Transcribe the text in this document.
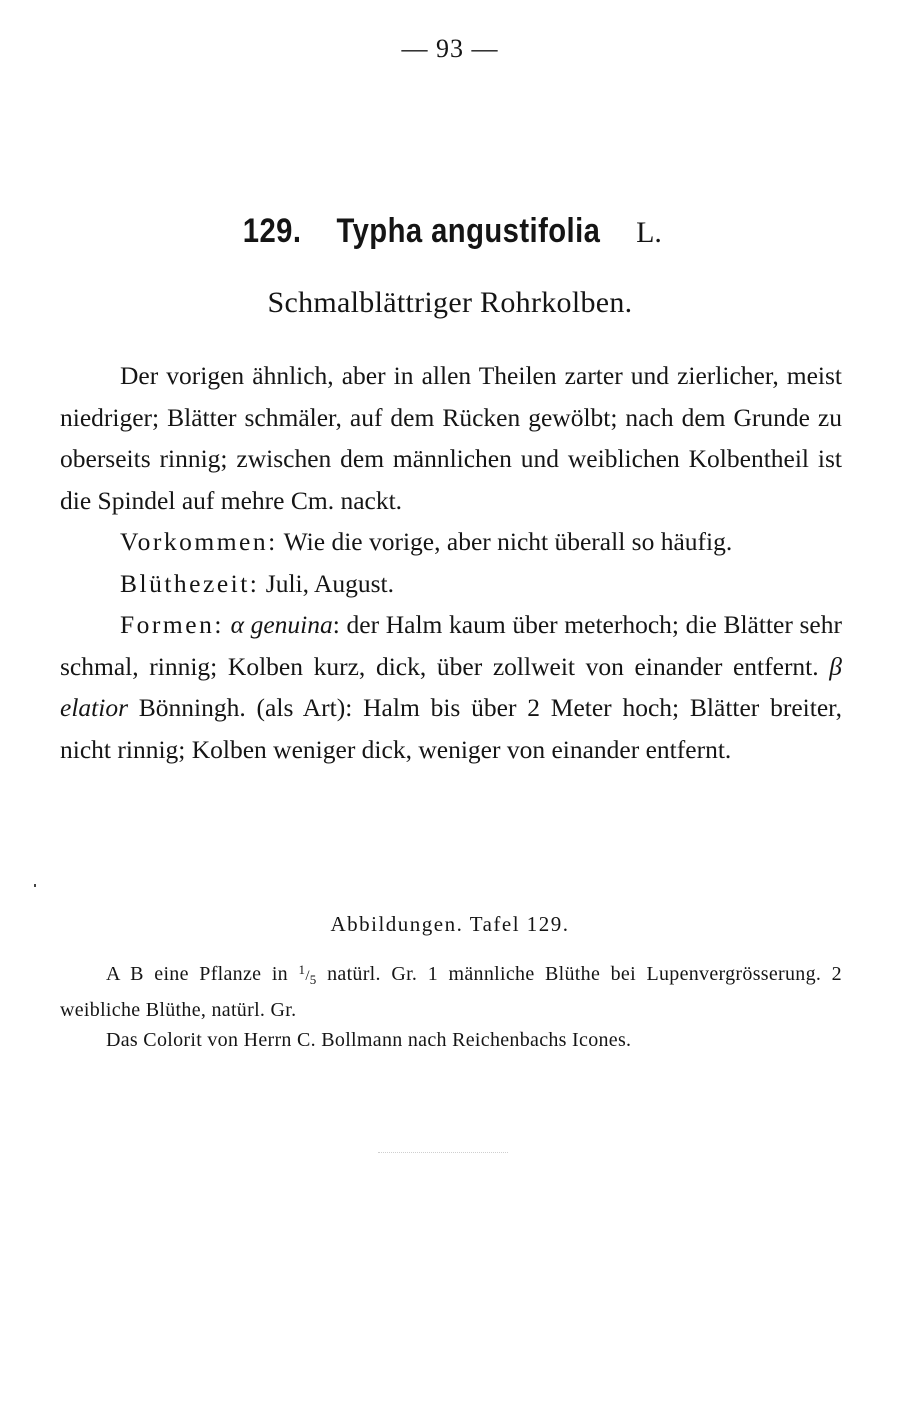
— 93 —
129. Typha angustifolia L.
Schmalblättriger Rohrkolben.

Der vorigen ähnlich, aber in allen Theilen zarter und zierlicher, meist niedriger; Blätter schmäler, auf dem Rücken gewölbt; nach dem Grunde zu oberseits rinnig; zwischen dem männlichen und weiblichen Kolbentheil ist die Spindel auf mehre Cm. nackt.

Vorkommen: Wie die vorige, aber nicht überall so häufig.

Blüthezeit: Juli, August.

Formen: α genuina: der Halm kaum über meterhoch; die Blätter sehr schmal, rinnig; Kolben kurz, dick, über zollweit von einander entfernt. β elatior Bönningh. (als Art): Halm bis über 2 Meter hoch; Blätter breiter, nicht rinnig; Kolben weniger dick, weniger von einander entfernt.

Abbildungen. Tafel 129.

A B eine Pflanze in $^1/_5$ natürl. Gr. 1 männliche Blüthe bei Lupenvergrösserung. 2 weibliche Blüthe, natürl. Gr.

Das Colorit von Herrn C. Bollmann nach Reichenbachs Icones.
